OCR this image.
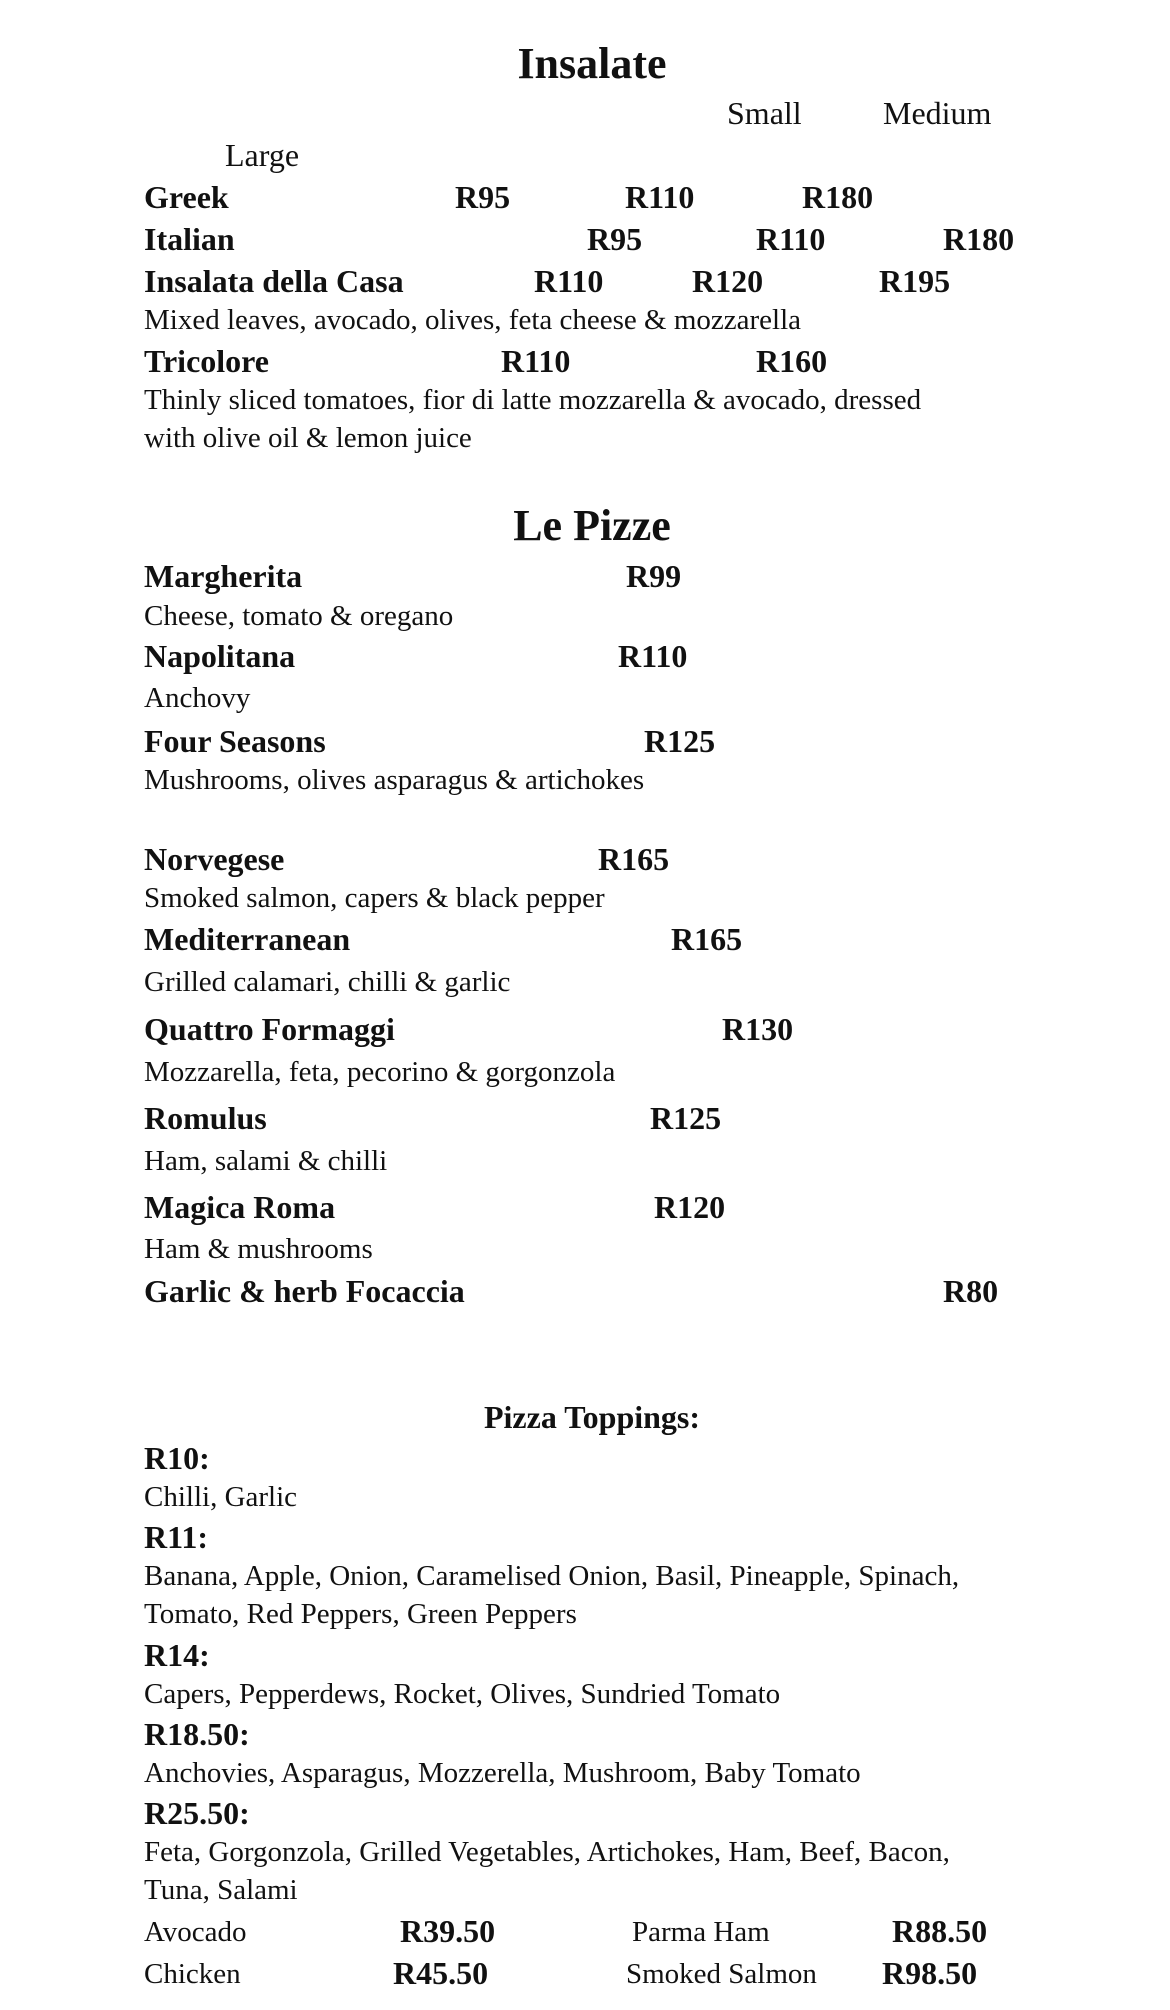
Insalate
Small	Medium
Large
Greek	R95	R110	R180
Italian	R95	R110	R180
Insalata della Casa	R110	R120	R195
Mixed leaves, avocado, olives, feta cheese & mozzarella
Tricolore	R110	R160
Thinly sliced tomatoes, fior di latte mozzarella & avocado, dressed
with olive oil & lemon juice
Le Pizze
Margherita	R99
Cheese, tomato & oregano
Napolitana	R110
Anchovy
Four Seasons	R125
Mushrooms, olives asparagus & artichokes
Norvegese	R165
Smoked salmon, capers & black pepper
Mediterranean	R165
Grilled calamari, chilli & garlic
Quattro Formaggi	R130
Mozzarella, feta, pecorino & gorgonzola
Romulus	R125
Ham, salami & chilli
Magica Roma	R120
Ham & mushrooms
Garlic & herb Focaccia	R80
Pizza Toppings:
R10:
Chilli, Garlic
R11:
Banana, Apple, Onion, Caramelised Onion, Basil, Pineapple, Spinach,
Tomato, Red Peppers, Green Peppers
R14:
Capers, Pepperdews, Rocket, Olives, Sundried Tomato
R18.50:
Anchovies, Asparagus, Mozzerella, Mushroom, Baby Tomato
R25.50:
Feta, Gorgonzola, Grilled Vegetables, Artichokes, Ham, Beef, Bacon,
Tuna, Salami
Avocado	R39.50	Parma Ham	R88.50
Chicken	R45.50	Smoked Salmon R98.50
